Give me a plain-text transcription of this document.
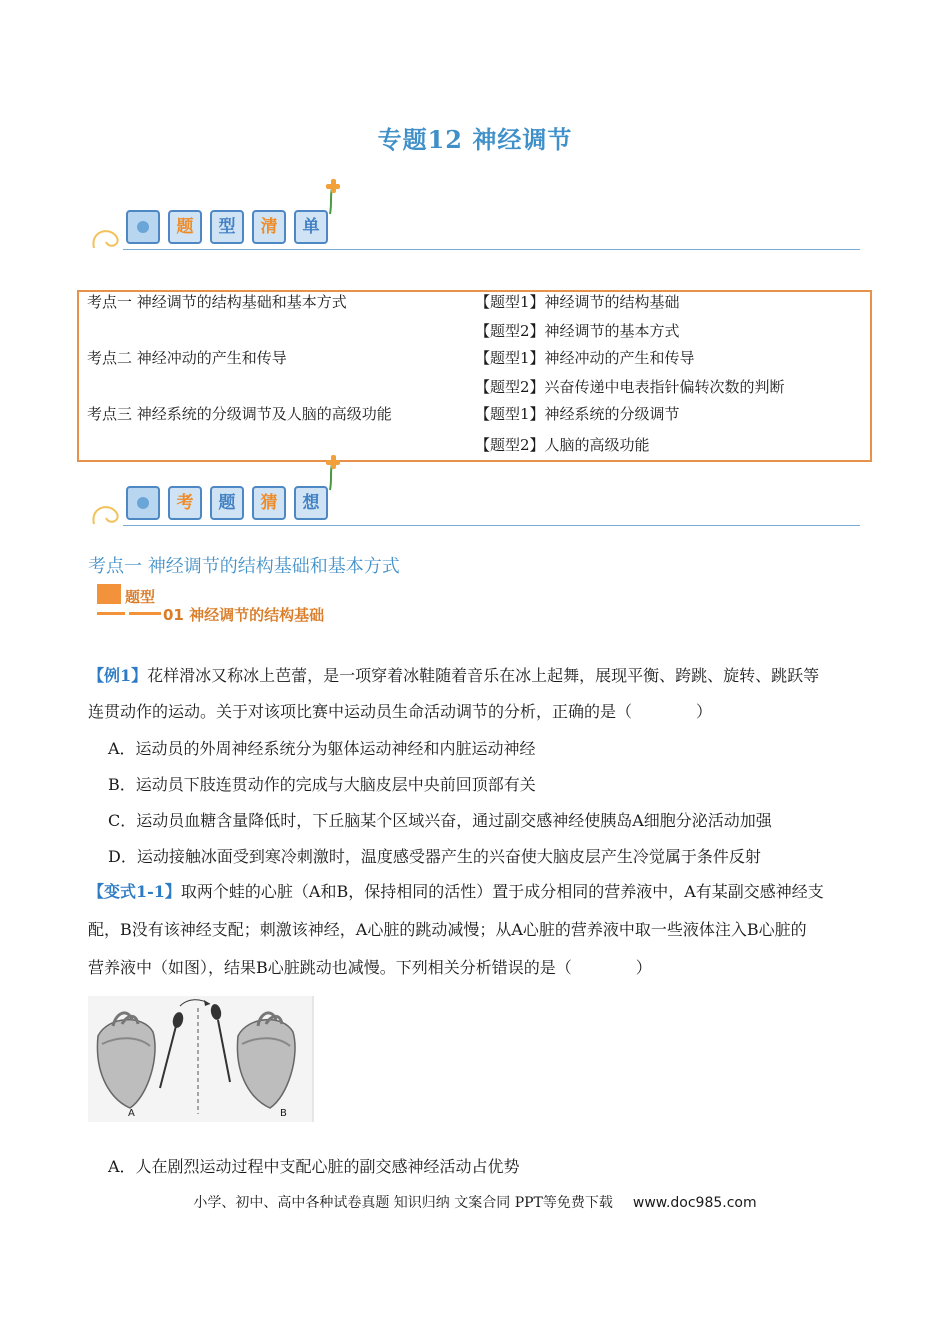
专题12 神经调节
题	型	清	单
考点一 神经调节的结构基础和基本方式	【题型1】神经调节的结构基础
【题型2】神经调节的基本方式
考点二 神经冲动的产生和传导	【题型1】神经冲动的产生和传导
【题型2】兴奋传递中电表指针偏转次数的判断
考点三 神经系统的分级调节及人脑的高级功能	【题型1】神经系统的分级调节
【题型2】人脑的高级功能
考	题	猜	想
考点一 神经调节的结构基础和基本方式
题型
01 神经调节的结构基础
【例1】花样滑冰又称冰上芭蕾，是一项穿着冰鞋随着音乐在冰上起舞，展现平衡、跨跳、旋转、跳跃等
连贯动作的运动。关于对该项比赛中运动员生命活动调节的分析，正确的是（　　　　）
A．运动员的外周神经系统分为躯体运动神经和内脏运动神经
B．运动员下肢连贯动作的完成与大脑皮层中央前回顶部有关
C．运动员血糖含量降低时，下丘脑某个区域兴奋，通过副交感神经使胰岛A细胞分泌活动加强
D．运动接触冰面受到寒冷刺激时，温度感受器产生的兴奋使大脑皮层产生冷觉属于条件反射
【变式1-1】取两个蛙的心脏（A和B，保持相同的活性）置于成分相同的营养液中，A有某副交感神经支
配，B没有该神经支配；刺激该神经，A心脏的跳动减慢；从A心脏的营养液中取一些液体注入B心脏的
营养液中（如图），结果B心脏跳动也减慢。下列相关分析错误的是（　　　　）
A	B
A．人在剧烈运动过程中支配心脏的副交感神经活动占优势
小学、初中、高中各种试卷真题 知识归纳 文案合同 PPT等免费下载 www.doc985.com
